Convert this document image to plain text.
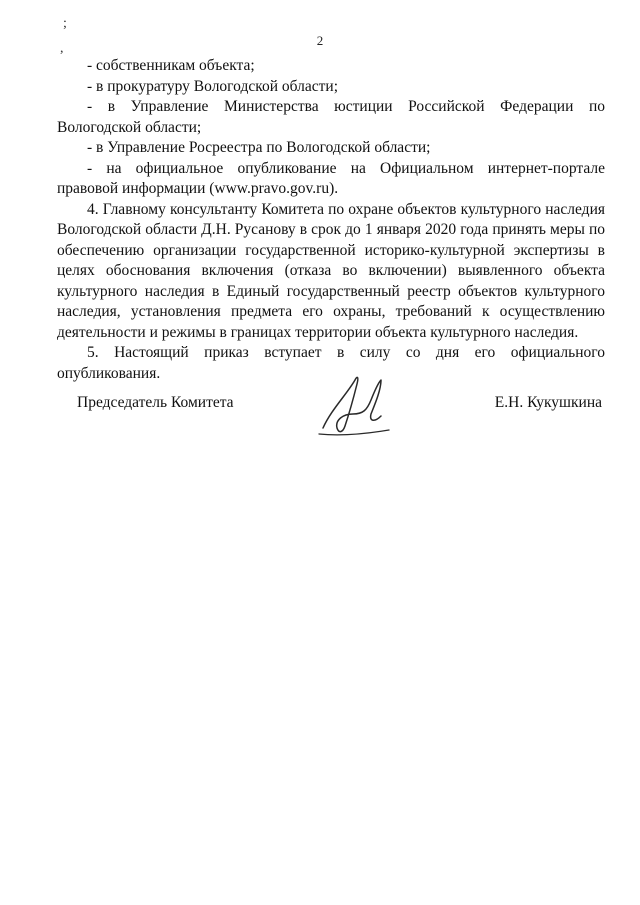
;
,
2

- собственникам объекта;

- в прокуратуру Вологодской области;

- в Управление Министерства юстиции Российской Федерации по Вологодской области;

- в Управление Росреестра по Вологодской области;

- на официальное опубликование на Официальном интернет-портале правовой информации (www.pravo.gov.ru).

4. Главному консультанту Комитета по охране объектов культурного наследия Вологодской области Д.Н. Русанову в срок до 1 января 2020 года принять меры по обеспечению организации государственной историко-культурной экспертизы в целях обоснования включения (отказа во включении) выявленного объекта культурного наследия в Единый государственный реестр объектов культурного наследия, установления предмета его охраны, требований к осуществлению деятельности и режимы в границах территории объекта культурного наследия.

5. Настоящий приказ вступает в силу со дня его официального опубликования.

Председатель Комитета	Е.Н. Кукушкина
